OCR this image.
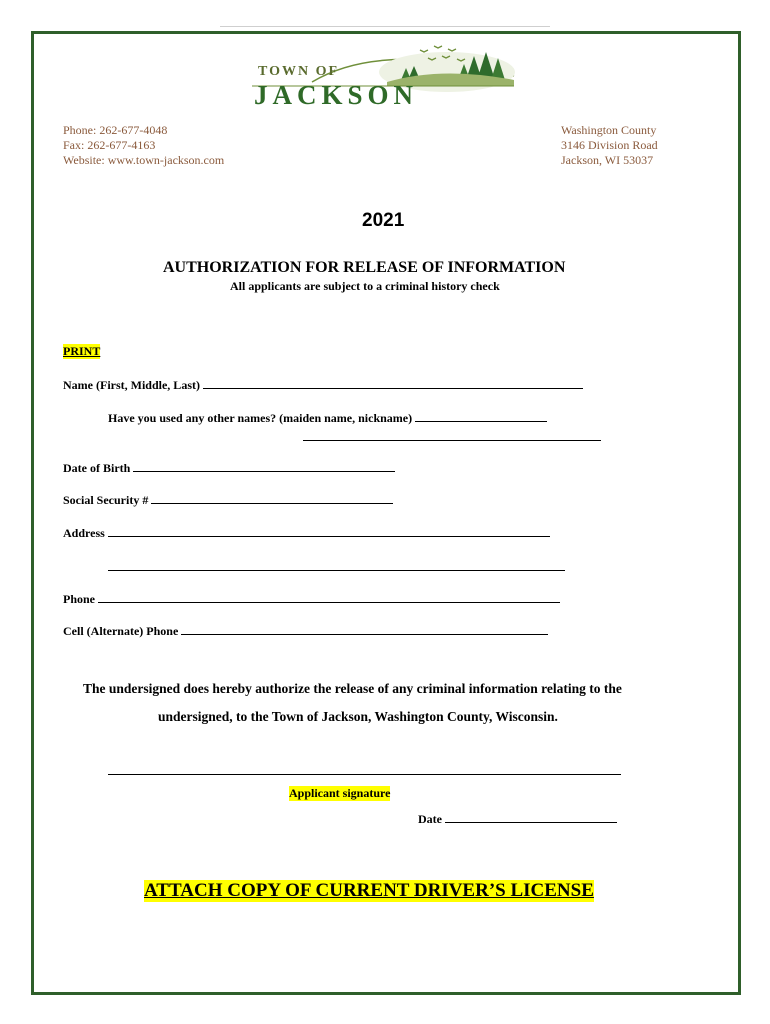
TOWN OF
JACKSON
Phone: 262-677-4048
Fax: 262-677-4163
Website: www.town-jackson.com
Washington County
3146 Division Road
Jackson, WI 53037
2021
AUTHORIZATION FOR RELEASE OF INFORMATION
All applicants are subject to a criminal history check
PRINT
Name (First, Middle, Last)
Have you used any other names? (maiden name, nickname)
Date of Birth
Social Security #
Address
Phone
Cell (Alternate) Phone
The undersigned does hereby authorize the release of any criminal information relating to the
undersigned, to the Town of Jackson, Washington County, Wisconsin.
Applicant signature
Date
ATTACH COPY OF CURRENT DRIVER’S LICENSE
